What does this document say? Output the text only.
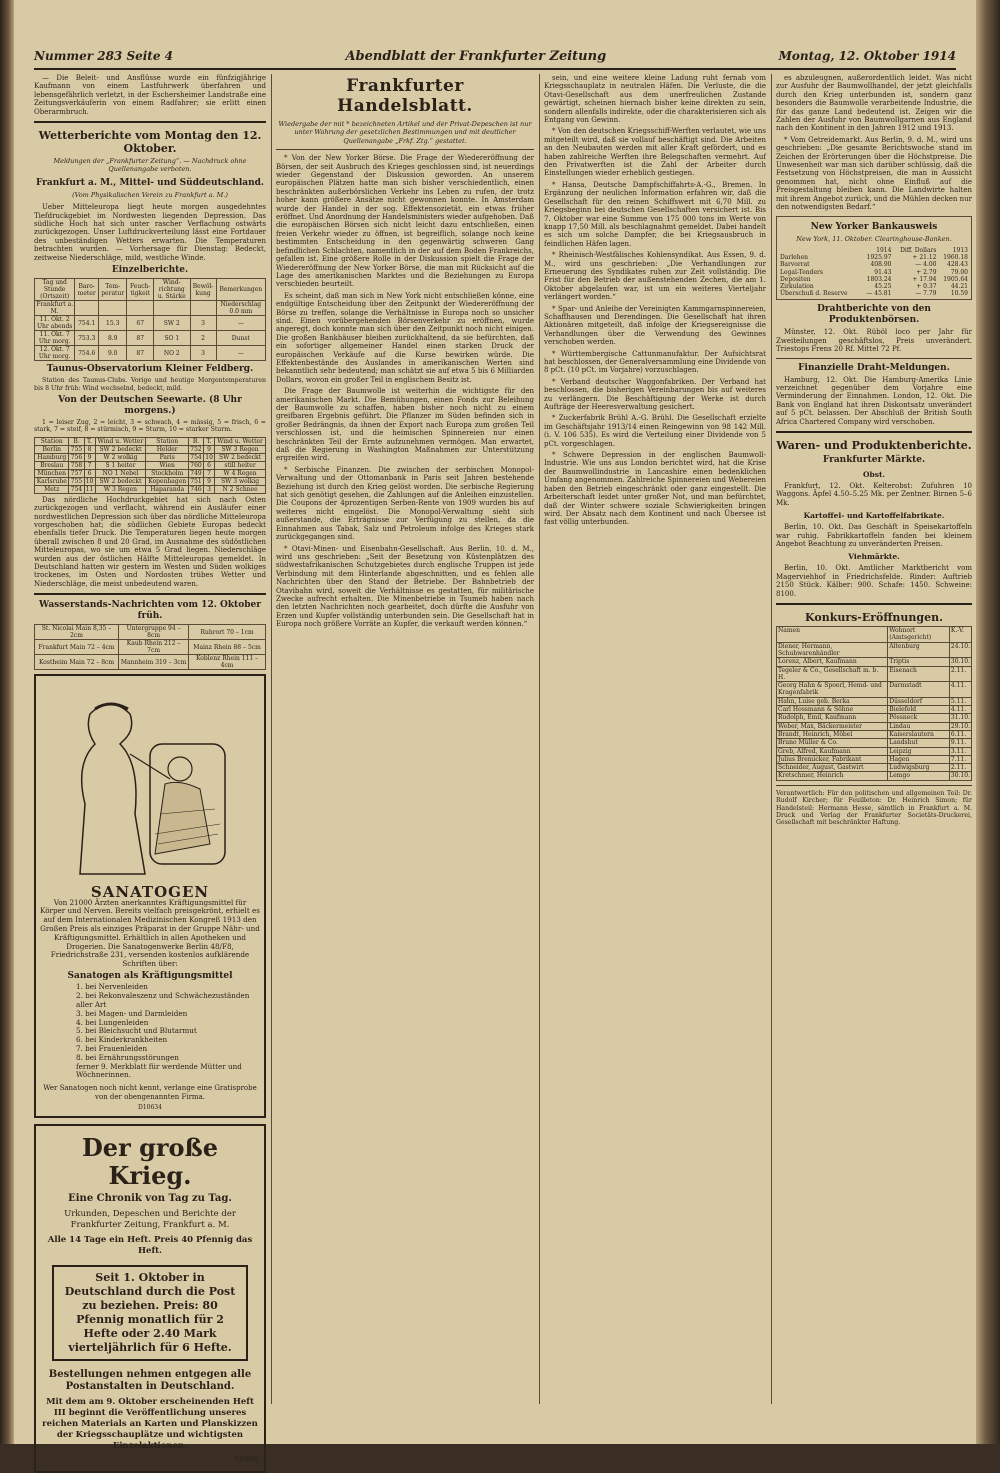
Nummer 283 Seite 4	Abendblatt der Frankfurter Zeitung	Montag, 12. Oktober 1914

— Die Beleit- und Ansflüsse wurde ein fünfzigjährige Kaufmann von einem Lastfuhrwerk überfahren und lebensgefährlich verletzt, in der Eschersheimer Landstraße eine Zeitungsverkäuferin von einem Radfahrer; sie erlitt einen Oberarmbruch.

Wetterberichte vom Montag den 12. Oktober.
Meldungen der „Frankfurter Zeitung“. — Nachdruck ohne Quellenangabe verboten.
Frankfurt a. M., Mittel- und Süddeutschland.
(Vom Physikalischen Verein zu Frankfurt a. M.)

Ueber Mitteleuropa liegt heute morgen ausgedehntes Tiefdruckgebiet im Nordwesten liegenden Depression. Das südliche Hoch hat sich unter rascher Verflachung ostwärts zurückgezogen. Unser Luftdruckverteilung lässt eine Fortdauer des unbeständigen Wetters erwarten. Die Temperaturen betrachten wurden. — Vorhersage für Dienstag: Bedeckt, zeitweise Niederschläge, mild, westliche Winde.

Einzelberichte.
Tag und Stunde (Ortszeit)	Baro-meter	Tem-peratur	Feuch-tigkeit	Wind-richtung u. Stärke	Bewöl-kung	Bemerkungen
Frankfurt a. M.						Niederschlag 0.0 mm
11. Okt. 2 Uhr abends	754.1	15.3	67	SW 2	3	—
11. Okt. 7 Uhr morg.	753.3	8.9	87	SO 1	2	Dunst
12. Okt. 7 Uhr morg.	754.6	9.0	87	NO 2	3	—
Taunus-Observatorium Kleiner Feldberg.

Station des Taunus-Clubs. Vorige und heutige Morgentemperaturen bis 8 Uhr früh: Wind wechselnd, bedeckt, mild.

Von der Deutschen Seewarte. (8 Uhr morgens.)

1 = leiser Zug, 2 = leicht, 3 = schwach, 4 = mässig, 5 = frisch, 6 = stark, 7 = steif, 8 = stürmisch, 9 = Sturm, 10 = starker Sturm.

Station	B.	T.	Wind u. Wetter	Station	B.	T.	Wind u. Wetter
Berlin	755	8	SW 2 bedeckt	Helder	752	9	SW 3 Regen
Hamburg	756	9	W 2 wolkig	Paris	754	10	SW 2 bedeckt
Breslau	758	7	S 1 heiter	Wien	760	6	still heiter
München	757	6	NO 1 Nebel	Stockholm	749	7	W 4 Regen
Karlsruhe	755	10	SW 2 bedeckt	Kopenhagen	751	9	SW 3 wolkig
Metz	754	11	W 3 Regen	Haparanda	746	3	N 2 Schnee

Das nördliche Hochdruckgebiet hat sich nach Osten zurückgezogen und verflacht, während ein Ausläufer einer nordwestlichen Depression sich über das nördliche Mitteleuropa vorgeschoben hat; die südlichen Gebiete Europas bedeckt ebenfalls tiefer Druck. Die Temperaturen liegen heute morgen überall zwischen 8 und 20 Grad, im Ausnahme des südöstlichen Mitteleuropas, wo sie um etwa 5 Grad liegen. Niederschläge wurden aus der östlichen Hälfte Mitteleuropas gemeldet. In Deutschland hatten wir gestern im Westen und Süden wolkiges trockenes, im Osten und Nordosten trübes Wetter und Niederschläge, die meist unbedeutend waren.

Wasserstands-Nachrichten vom 12. Oktober früh.
St. Nicolai Main 8,35 – 2cm	Untergruppe 94 – 8cm	Ruhrort 70 – 1cm
Frankfurt Main 72 – 4cm	Kaub Rhein 212 – 7cm	Mainz Rhein 88 – 5cm
Kostheim Main 72 – 8cm	Mannheim 319 – 3cm	Koblenz Rhein 111 – 4cm
SANATOGEN

Von 21000 Ärzten anerkanntes Kräftigungsmittel für Körper und Nerven. Bereits vielfach preisgekrönt, erhielt es auf dem Internationalen Medizinischen Kongreß 1913 den Großen Preis als einziges Präparat in der Gruppe Nähr- und Kräftigungsmittel. Erhältlich in allen Apotheken und Drogerien. Die Sanatogenwerke Berlin 48/F8, Friedrichstraße 231, versenden kostenlos aufklärende Schriften über:

Sanatogen als Kräftigungsmittel
1. bei Nervenleiden
2. bei Rekonvaleszenz und Schwächezuständen aller Art
3. bei Magen- und Darmleiden
4. bei Lungenleiden
5. bei Bleichsucht und Blutarmut
6. bei Kinderkrankheiten
7. bei Frauenleiden
8. bei Ernährungsstörungen
ferner 9. Merkblatt für werdende Mütter und Wöchnerinnen.

Wer Sanatogen noch nicht kennt, verlange eine Gratisprobe von der obengenannten Firma.

D10634
Der große Krieg.
Eine Chronik von Tag zu Tag.
Urkunden, Depeschen und Berichte der Frankfurter Zeitung, Frankfurt a. M.
Alle 14 Tage ein Heft. Preis 40 Pfennig das Heft.
Seit 1. Oktober in Deutschland durch die Post zu beziehen. Preis: 80 Pfennig monatlich für 2 Hefte oder 2.40 Mark vierteljährlich für 6 Hefte.
Bestellungen nehmen entgegen alle Postanstalten in Deutschland.
Mit dem am 9. Oktober erscheinenden Heft III beginnt die Veröffentlichung unseres reichen Materials an Karten und Planskizzen der Kriegsschauplätze und wichtigsten Einzelaktionen.
D10086
Frankfurter Handelsblatt.
Wiedergabe der mit * bezeichneten Artikel und der Privat-Depeschen ist nur unter Wahrung der gesetzlichen Bestimmungen und mit deutlicher Quellenangabe „Frkf. Ztg.“ gestattet.

* Von der New Yorker Börse. Die Frage der Wiedereröffnung der Börsen, der seit Ausbruch des Krieges geschlossen sind, ist neuerdings wieder Gegenstand der Diskussion geworden. An unserem europäischen Plätzen hatte man sich bisher verschiedentlich, einen beschränkten außerbörslichen Verkehr ins Leben zu rufen, der trotz hoher kann größere Ansätze nicht gewonnen konnte. In Amsterdam wurde der Handel in der sog. Effektensozietät, ein etwas früher eröffnet. Und Anordnung der Handelsministers wieder aufgehoben. Daß die europäischen Börsen sich nicht leicht dazu entschließen, einen freien Verkehr wieder zu öffnen, ist begreiflich, solange noch keine bestimmten Entscheidung in den gegenwärtig schweren Gang befindlichen Schlachten, namentlich in der auf dem Boden Frankreichs, gefallen ist. Eine größere Rolle in der Diskussion spielt die Frage der Wiedereröffnung der New Yorker Börse, die man mit Rücksicht auf die Lage des amerikanischen Marktes und die Beziehungen zu Europa verschieden beurteilt.

Es scheint, daß man sich in New York nicht entschließen könne, eine endgültige Entscheidung über den Zeitpunkt der Wiedereröffnung der Börse zu treffen, solange die Verhältnisse in Europa noch so unsicher sind. Einen vorübergehenden Börsenverkehr zu eröffnen, wurde angeregt, doch konnte man sich über den Zeitpunkt noch nicht einigen. Die großen Bankhäuser bleiben zurückhaltend, da sie befürchten, daß ein sofortiger allgemeiner Handel einen starken Druck der europäischen Verkäufe auf die Kurse bewirken würde. Die Effektenbestände des Auslandes in amerikanischen Werten sind bekanntlich sehr bedeutend; man schätzt sie auf etwa 5 bis 6 Milliarden Dollars, wovon ein großer Teil in englischem Besitz ist.

Die Frage der Baumwolle ist weiterhin die wichtigste für den amerikanischen Markt. Die Bemühungen, einen Fonds zur Beleihung der Baumwolle zu schaffen, haben bisher noch nicht zu einem greifbaren Ergebnis geführt. Die Pflanzer im Süden befinden sich in großer Bedrängnis, da ihnen der Export nach Europa zum großen Teil verschlossen ist, und die heimischen Spinnereien nur einen beschränkten Teil der Ernte aufzunehmen vermögen. Man erwartet, daß die Regierung in Washington Maßnahmen zur Unterstützung ergreifen wird.

* Serbische Finanzen. Die zwischen der serbischen Monopol-Verwaltung und der Ottomanbank in Paris seit Jahren bestehende Beziehung ist durch den Krieg gelöst worden. Die serbische Regierung hat sich genötigt gesehen, die Zahlungen auf die Anleihen einzustellen. Die Coupons der 4prozentigen Serben-Rente von 1909 wurden bis auf weiteres nicht eingelöst. Die Monopol-Verwaltung sieht sich außerstande, die Erträgnisse zur Verfügung zu stellen, da die Einnahmen aus Tabak, Salz und Petroleum infolge des Krieges stark zurückgegangen sind.

* Otavi-Minen- und Eisenbahn-Gesellschaft. Aus Berlin, 10. d. M., wird uns geschrieben: „Seit der Besetzung von Küstenplätzen des südwestafrikanischen Schutzgebietes durch englische Truppen ist jede Verbindung mit dem Hinterlande abgeschnitten, und es fehlen alle Nachrichten über den Stand der Betriebe. Der Bahnbetrieb der Otavibahn wird, soweit die Verhältnisse es gestatten, für militärische Zwecke aufrecht erhalten. Die Minenbetriebe in Tsumeb haben nach den letzten Nachrichten noch gearbeitet, doch dürfte die Ausfuhr von Erzen und Kupfer vollständig unterbunden sein. Die Gesellschaft hat in Europa noch größere Vorräte an Kupfer, die verkauft werden können.“

sein, und eine weitere kleine Ladung ruht fernab vom Kriegsschauplatz in neutralen Häfen. Die Verluste, die die Otavi-Gesellschaft aus dem unerfreulichen Zustande gewärtigt, scheinen hiernach bisher keine direkten zu sein, sondern allenfalls indirekte, oder die charakterisieren sich als Entgang von Gewinn.

* Von den deutschen Kriegsschiff-Werften verlautet, wie uns mitgeteilt wird, daß sie vollauf beschäftigt sind. Die Arbeiten an den Neubauten werden mit aller Kraft gefördert, und es haben zahlreiche Werften ihre Belegschaften vermehrt. Auf den Privatwerften ist die Zahl der Arbeiter durch Einstellungen wieder erheblich gestiegen.

* Hansa, Deutsche Dampfschiffahrts-A.-G., Bremen. In Ergänzung der neulichen Information erfahren wir, daß die Gesellschaft für den reinen Schiffswert mit 6,70 Mill. zu Kriegsbeginn bei deutschen Gesellschaften versichert ist. Bis 7. Oktober war eine Summe von 175 000 tons im Werte von knapp 17,50 Mill. als beschlagnahmt gemeldet. Dabei handelt es sich um solche Dampfer, die bei Kriegsausbruch in feindlichen Häfen lagen.

* Rheinisch-Westfälisches Kohlensyndikat. Aus Essen, 9. d. M., wird uns geschrieben: „Die Verhandlungen zur Erneuerung des Syndikates ruhen zur Zeit vollständig. Die Frist für den Betrieb der außenstehenden Zechen, die am 1. Oktober abgelaufen war, ist um ein weiteres Vierteljahr verlängert worden.“

* Spar- und Anleihe der Vereinigten Kammgarnspinnereien, Schaffhausen und Derendingen. Die Gesellschaft hat ihren Aktionären mitgeteilt, daß infolge der Kriegsereignisse die Verhandlungen über die Verwendung des Gewinnes verschoben werden.

* Württembergische Cattunmanufaktur. Der Aufsichtsrat hat beschlossen, der Generalversammlung eine Dividende von 8 pCt. (10 pCt. im Vorjahre) vorzuschlagen.

* Verband deutscher Waggonfabriken. Der Verband hat beschlossen, die bisherigen Vereinbarungen bis auf weiteres zu verlängern. Die Beschäftigung der Werke ist durch Aufträge der Heeresverwaltung gesichert.

* Zuckerfabrik Brühl A.-G. Brühl. Die Gesellschaft erzielte im Geschäftsjahr 1913/14 einen Reingewinn von 98 142 Mill. (i. V. 106 535). Es wird die Verteilung einer Dividende von 5 pCt. vorgeschlagen.

* Schwere Depression in der englischen Baumwoll-Industrie. Wie uns aus London berichtet wird, hat die Krise der Baumwollindustrie in Lancashire einen bedenklichen Umfang angenommen. Zahlreiche Spinnereien und Webereien haben den Betrieb eingeschränkt oder ganz eingestellt. Die Arbeiterschaft leidet unter großer Not, und man befürchtet, daß der Winter schwere soziale Schwierigkeiten bringen wird. Der Absatz nach dem Kontinent und nach Übersee ist fast völlig unterbunden.

es abzuleugnen, außerordentlich leidet. Was nicht zur Ausfuhr der Baumwollhandel, der jetzt gleichfalls durch den Krieg unterbunden ist, sondern ganz besonders die Baumwolle verarbeitende Industrie, die für das ganze Land bedeutend ist. Zeigen wir die Zahlen der Ausfuhr von Baumwollgarnen aus England nach den Kontinent in den Jahren 1912 und 1913.

* Vom Getreidemarkt. Aus Berlin, 9. d. M., wird uns geschrieben: „Die gesamte Berichtswoche stand im Zeichen der Erörterungen über die Höchstpreise. Die Unwesenheit war man sich darüber schlüssig, daß die Festsetzung von Höchstpreisen, die man in Aussicht genommen hat, nicht ohne Einfluß auf die Preisgestaltung bleiben kann. Die Landwirte halten mit ihrem Angebot zurück, und die Mühlen decken nur den notwendigsten Bedarf.“

New Yorker Bankausweis
New York, 11. Oktober. Clearinghouse-Banken.
	1914	Diff. Dollars	1913
Darlehen	1925.97	+ 21.12	1960.18
Barvorrat	408.90	— 4.00	428.43
Legal-Tenders	91.43	+ 2.79	79.00
Depositen	1803.24	+ 17.94	1905.64
Zirkulation	45.25	+ 0.37	44.21
Überschuß d. Reserve	— 45.81	— 7.79	10.59
Drahtberichte von den Produktenbörsen.

Münster, 12. Okt. Rüböl loco per Jahr für Zweiteilungen geschäftslos, Preis unverändert. Triestops Frens 20 Rf. Mittel 72 Pf.

Finanzielle Draht-Meldungen.

Hamburg, 12. Okt. Die Hamburg-Amerika Linie verzeichnet gegenüber dem Vorjahre eine Verminderung der Einnahmen. London, 12. Okt. Die Bank von England hat ihren Diskontsatz unverändert auf 5 pCt. belassen. Der Abschluß der British South Africa Chartered Company wird verschoben.

Waren- und Produktenberichte.
Frankfurter Märkte.
Obst.

Frankfurt, 12. Okt. Kelterobst: Zufuhren 10 Waggons. Äpfel 4.50–5.25 Mk. per Zentner. Birnen 5–6 Mk.

Kartoffel- und Kartoffelfabrikate.

Berlin, 10. Okt. Das Geschäft in Speisekartoffeln war ruhig. Fabrikkartoffeln fanden bei kleinem Angebot Beachtung zu unveränderten Preisen.

Viehmärkte.

Berlin, 10. Okt. Amtlicher Marktbericht vom Magerviehhof in Friedrichsfelde. Rinder: Auftrieb 2150 Stück. Kälber: 900. Schafe: 1450. Schweine: 8100.

Konkurs-Eröffnungen.
Namen	Wohnort (Amtsgericht)	K.-V.
Diener, Hermann, Schuhwarenhändler	Altenburg	24.10.
Lorenz, Albert, Kaufmann	Triptis	30.10.
Tegeler & Co., Gesellschaft m. b. H.	Eisenach	2.11.
Georg Hahn & Spoerl, Hemd- und Kragenfabrik	Darmstadt	4.11.
Hahn, Luise geb. Berka	Düsseldorf	5.11.
Carl Hossmann & Söhne	Bielefeld	4.11.
Rudolph, Emil, Kaufmann	Pössneck	31.10.
Weber, Max, Bäckermeister	Lindau	29.10.
Brandt, Heinrich, Möbel	Kaiserslautern	6.11.
Bruno Müller & Co.	Landshut	9.11.
Greb, Alfred, Kaufmann	Leipzig	3.11.
Julius Bremicker, Fabrikant	Hagen	7.11.
Schneider, August, Gastwirt	Ludwigsburg	2.11.
Kretschmer, Heinrich	Lemgo	30.10.

Verantwortlich: Für den politischen und allgemeinen Teil: Dr. Rudolf Kircher; für Feuilleton: Dr. Heinrich Simon; für Handelsteil: Hermann Hesse, sämtlich in Frankfurt a. M. Druck und Verlag der Frankfurter Societäts-Druckerei, Gesellschaft mit beschränkter Haftung.
